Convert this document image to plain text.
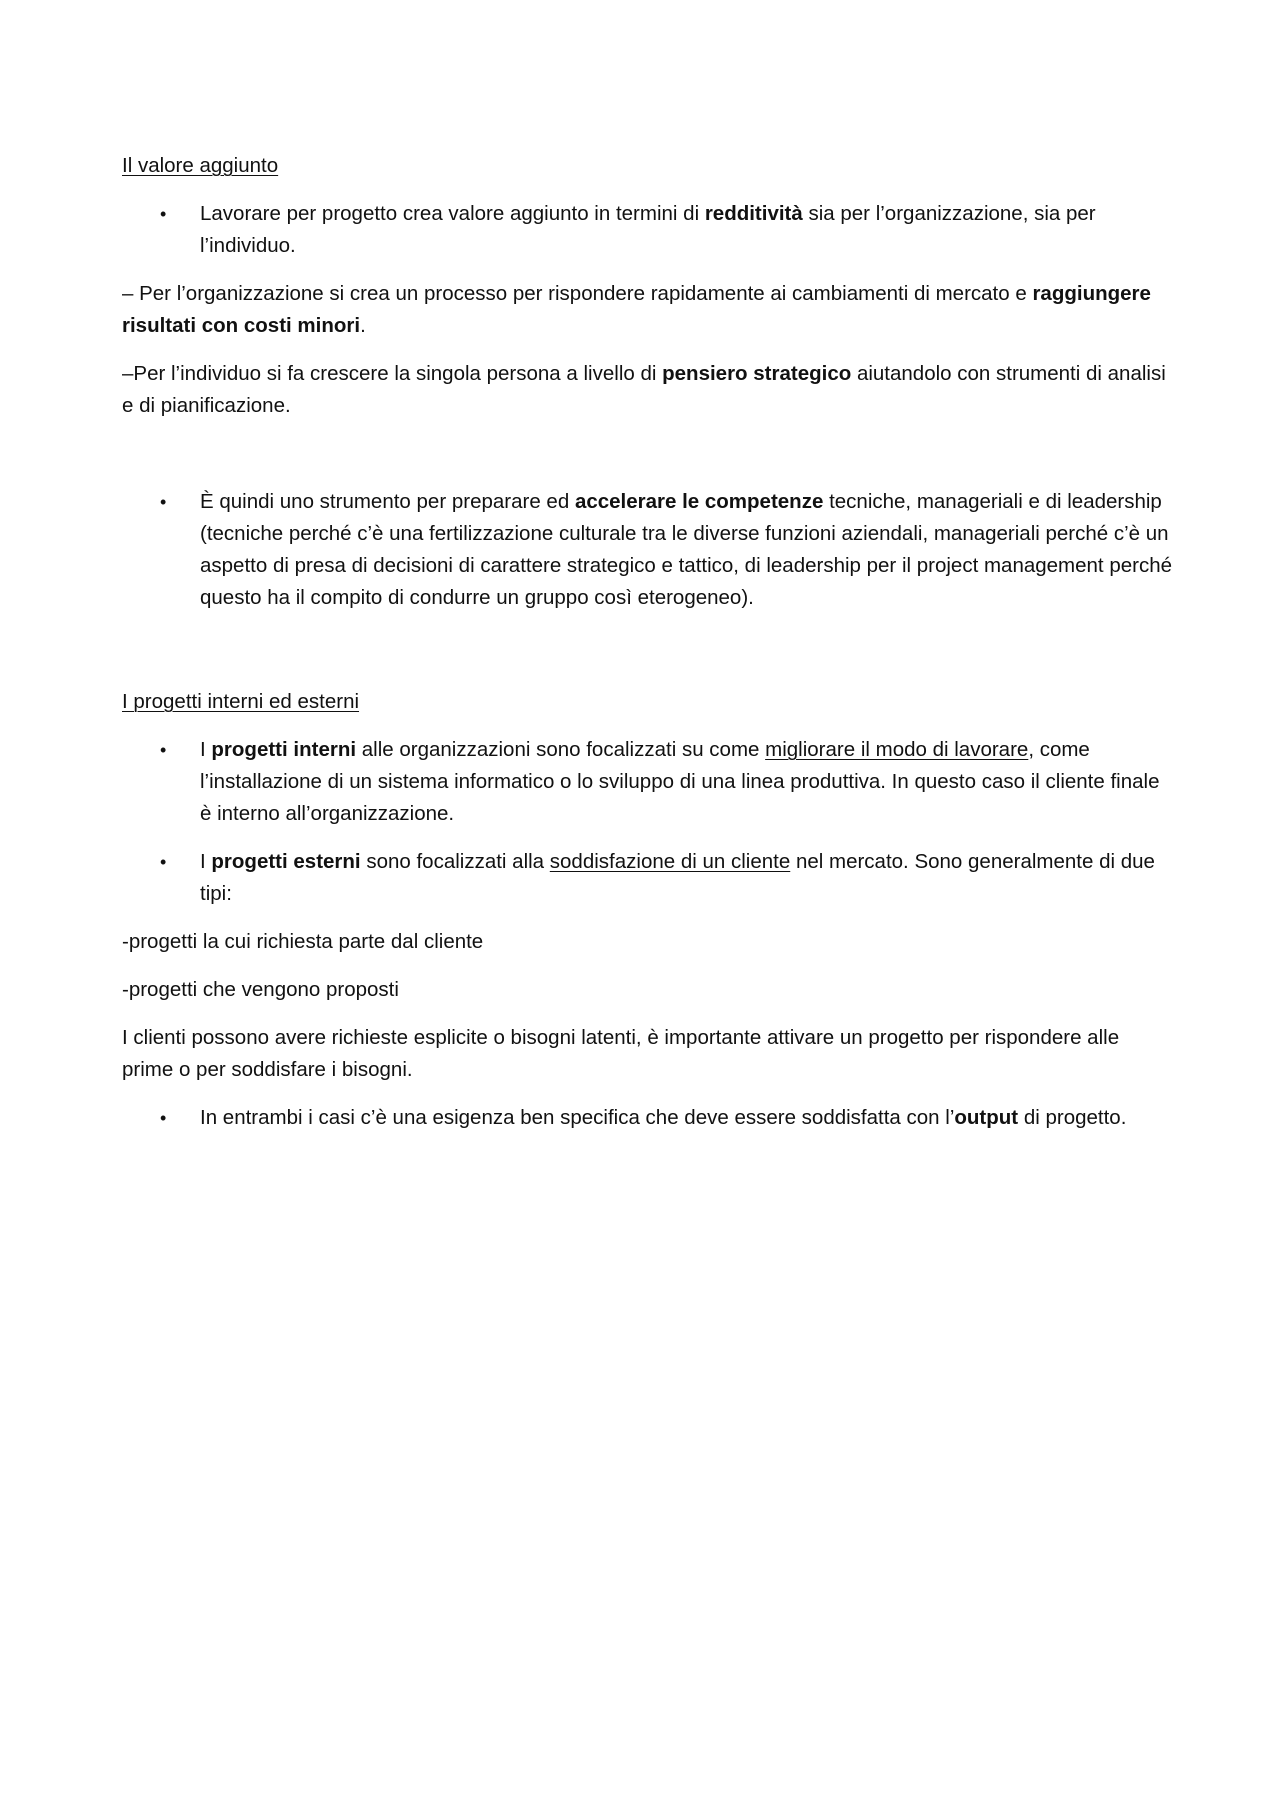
Il valore aggiunto
• Lavorare per progetto crea valore aggiunto in termini di redditività sia per l’organizzazione, sia per l’individuo.
– Per l’organizzazione si crea un processo per rispondere rapidamente ai cambiamenti di mercato e raggiungere risultati con costi minori.
–Per l’individuo si fa crescere la singola persona a livello di pensiero strategico aiutandolo con strumenti di analisi e di pianificazione.
• È quindi uno strumento per preparare ed accelerare le competenze tecniche, manageriali e di leadership (tecniche perché c’è una fertilizzazione culturale tra le diverse funzioni aziendali, manageriali perché c’è un aspetto di presa di decisioni di carattere strategico e tattico, di leadership per il project management perché questo ha il compito di condurre un gruppo così eterogeneo).
I progetti interni ed esterni
• I progetti interni alle organizzazioni sono focalizzati su come migliorare il modo di lavorare, come l’installazione di un sistema informatico o lo sviluppo di una linea produttiva. In questo caso il cliente finale è interno all’organizzazione.
• I progetti esterni sono focalizzati alla soddisfazione di un cliente nel mercato. Sono generalmente di due tipi:
-progetti la cui richiesta parte dal cliente
-progetti che vengono proposti
I clienti possono avere richieste esplicite o bisogni latenti, è importante attivare un progetto per rispondere alle prime o per soddisfare i bisogni.
• In entrambi i casi c’è una esigenza ben specifica che deve essere soddisfatta con l’output di progetto.
